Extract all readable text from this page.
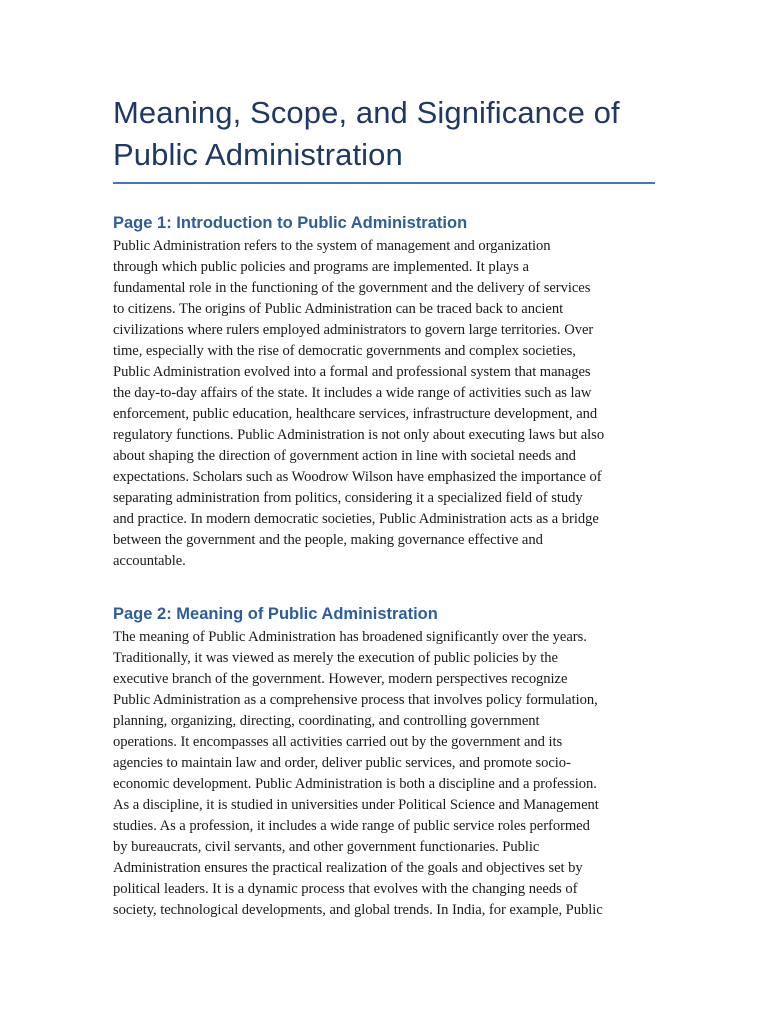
Meaning, Scope, and Significance of
Public Administration
Page 1: Introduction to Public Administration
Public Administration refers to the system of management and organization
through which public policies and programs are implemented. It plays a
fundamental role in the functioning of the government and the delivery of services
to citizens. The origins of Public Administration can be traced back to ancient
civilizations where rulers employed administrators to govern large territories. Over
time, especially with the rise of democratic governments and complex societies,
Public Administration evolved into a formal and professional system that manages
the day-to-day affairs of the state. It includes a wide range of activities such as law
enforcement, public education, healthcare services, infrastructure development, and
regulatory functions. Public Administration is not only about executing laws but also
about shaping the direction of government action in line with societal needs and
expectations. Scholars such as Woodrow Wilson have emphasized the importance of
separating administration from politics, considering it a specialized field of study
and practice. In modern democratic societies, Public Administration acts as a bridge
between the government and the people, making governance effective and
accountable.
Page 2: Meaning of Public Administration
The meaning of Public Administration has broadened significantly over the years.
Traditionally, it was viewed as merely the execution of public policies by the
executive branch of the government. However, modern perspectives recognize
Public Administration as a comprehensive process that involves policy formulation,
planning, organizing, directing, coordinating, and controlling government
operations. It encompasses all activities carried out by the government and its
agencies to maintain law and order, deliver public services, and promote socio-
economic development. Public Administration is both a discipline and a profession.
As a discipline, it is studied in universities under Political Science and Management
studies. As a profession, it includes a wide range of public service roles performed
by bureaucrats, civil servants, and other government functionaries. Public
Administration ensures the practical realization of the goals and objectives set by
political leaders. It is a dynamic process that evolves with the changing needs of
society, technological developments, and global trends. In India, for example, Public
